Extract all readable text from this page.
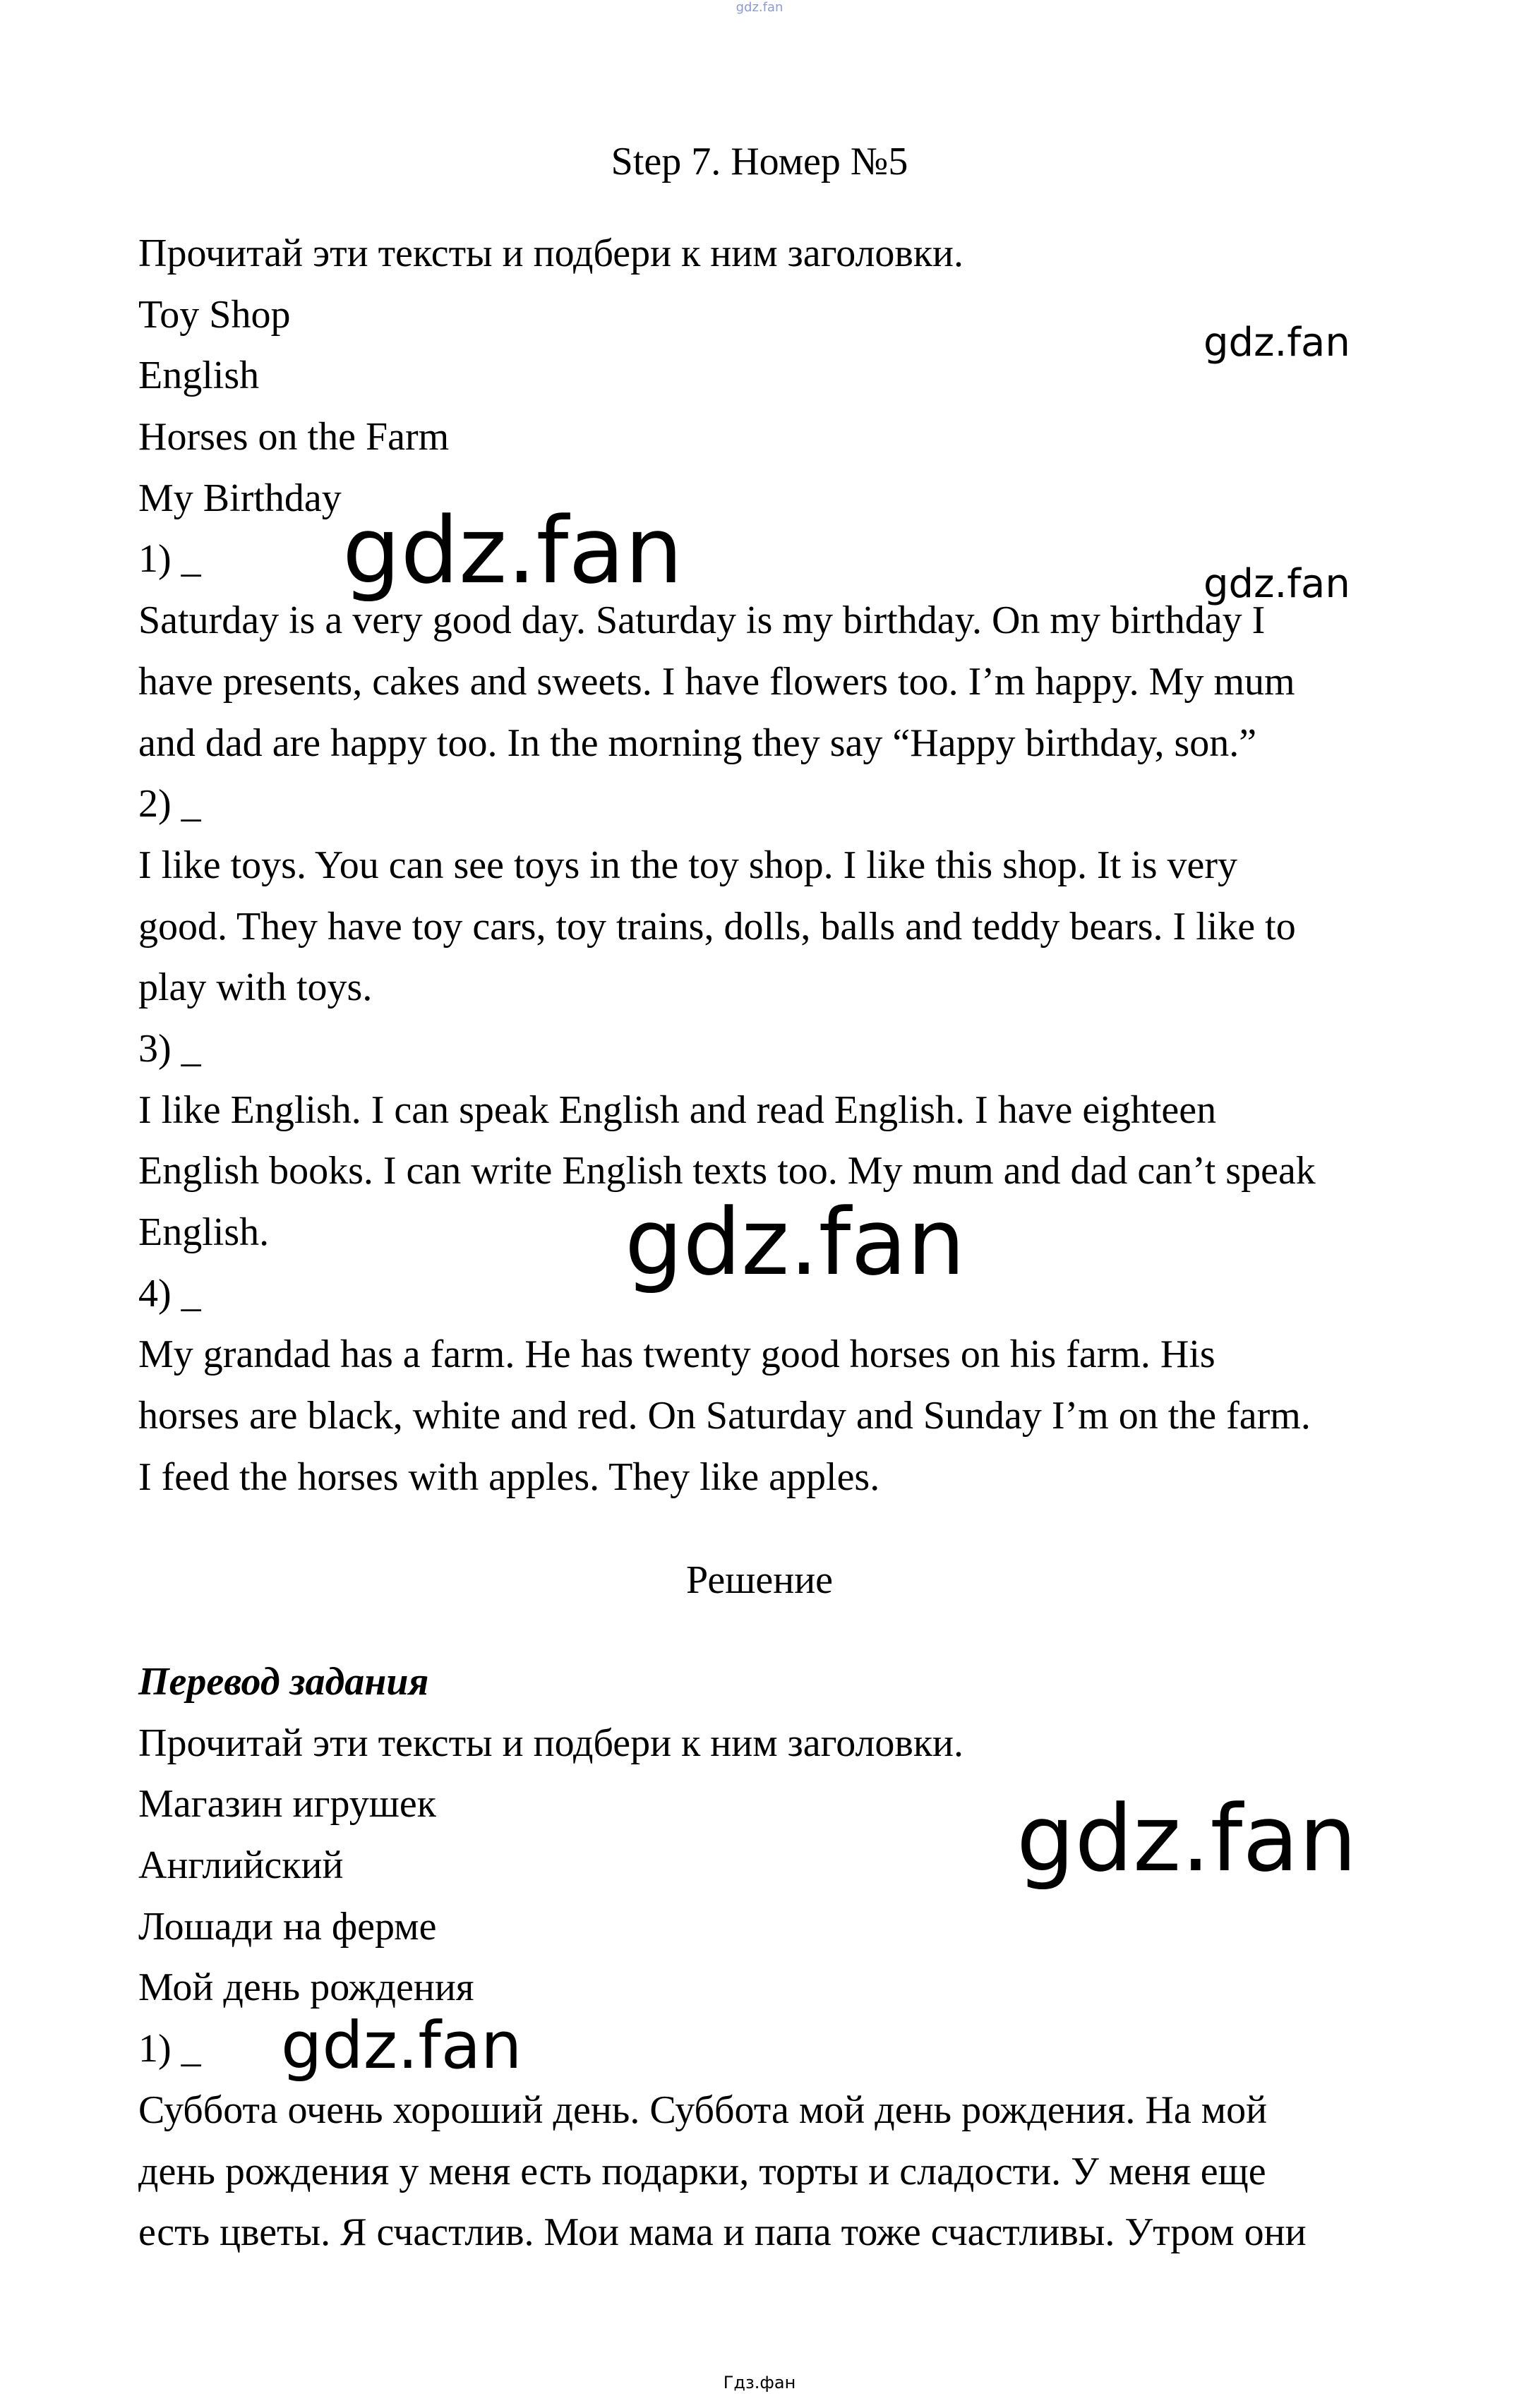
gdz.fan
Step 7. Номер №5
Прочитай эти тексты и подбери к ним заголовки.
Toy Shop
English
Horses on the Farm
My Birthday
1) _
Saturday is a very good day. Saturday is my birthday. On my birthday I
have presents, cakes and sweets. I have flowers too. I’m happy. My mum
and dad are happy too. In the morning they say “Happy birthday, son.”
2) _
I like toys. You can see toys in the toy shop. I like this shop. It is very
good. They have toy cars, toy trains, dolls, balls and teddy bears. I like to
play with toys.
3) _
I like English. I can speak English and read English. I have eighteen
English books. I can write English texts too. My mum and dad can’t speak
English.
4) _
My grandad has a farm. He has twenty good horses on his farm. His
horses are black, white and red. On Saturday and Sunday I’m on the farm.
I feed the horses with apples. They like apples.
Решение
Перевод задания
Прочитай эти тексты и подбери к ним заголовки.
Магазин игрушек
Английский
Лошади на ферме
Мой день рождения
1) _
Суббота очень хороший день. Суббота мой день рождения. На мой
день рождения у меня есть подарки, торты и сладости. У меня еще
есть цветы. Я счастлив. Мои мама и папа тоже счастливы. Утром они
gdz.fan
gdz.fan	gdz.fan
gdz.fan
gdz.fan
gdz.fan
Гдз.фан
